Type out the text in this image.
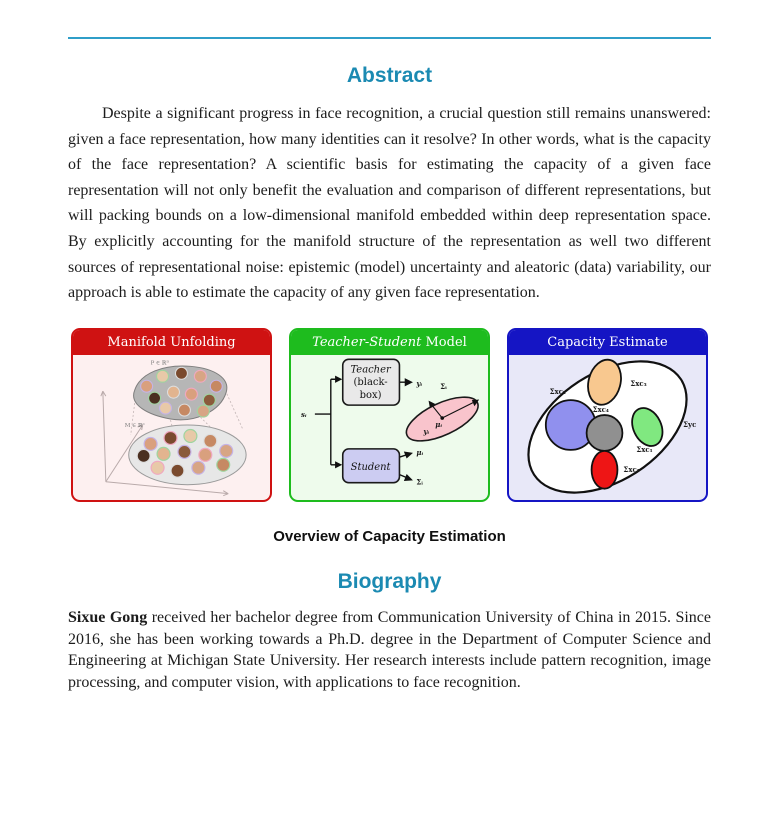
Abstract

Despite a significant progress in face recognition, a crucial question still remains unanswered: given a face representation, how many identities can it resolve? In other words, what is the capacity of the face representation? A scientific basis for estimating the capacity of a given face representation will not only benefit the evaluation and comparison of different representations, but will packing bounds on a low-dimensional manifold embedded within deep representation space. By explicitly accounting for the manifold structure of the representation as well two different sources of representational noise: epistemic (model) uncertainty and aleatoric (data) variability, our approach is able to estimate the capacity of any given face representation.

Manifold Unfolding
P ∈ ℝᴰ
M ∈ ℝᵈ
Teacher-Student Model
sᵢ
Teacher
(black-
box)
yᵢ
Student
μᵢ
Σᵢ
Σᵢ
μᵢ
yᵢ
Capacity Estimate
Σxc₂
Σxc₃
Σxc₄
Σxc₁
Σxc₅
Σyc
Overview of Capacity Estimation
Biography

Sixue Gong received her bachelor degree from Communication University of China in 2015. Since 2016, she has been working towards a Ph.D. degree in the Department of Computer Science and Engineering at Michigan State University. Her research interests include pattern recognition, image processing, and computer vision, with applications to face recognition.
